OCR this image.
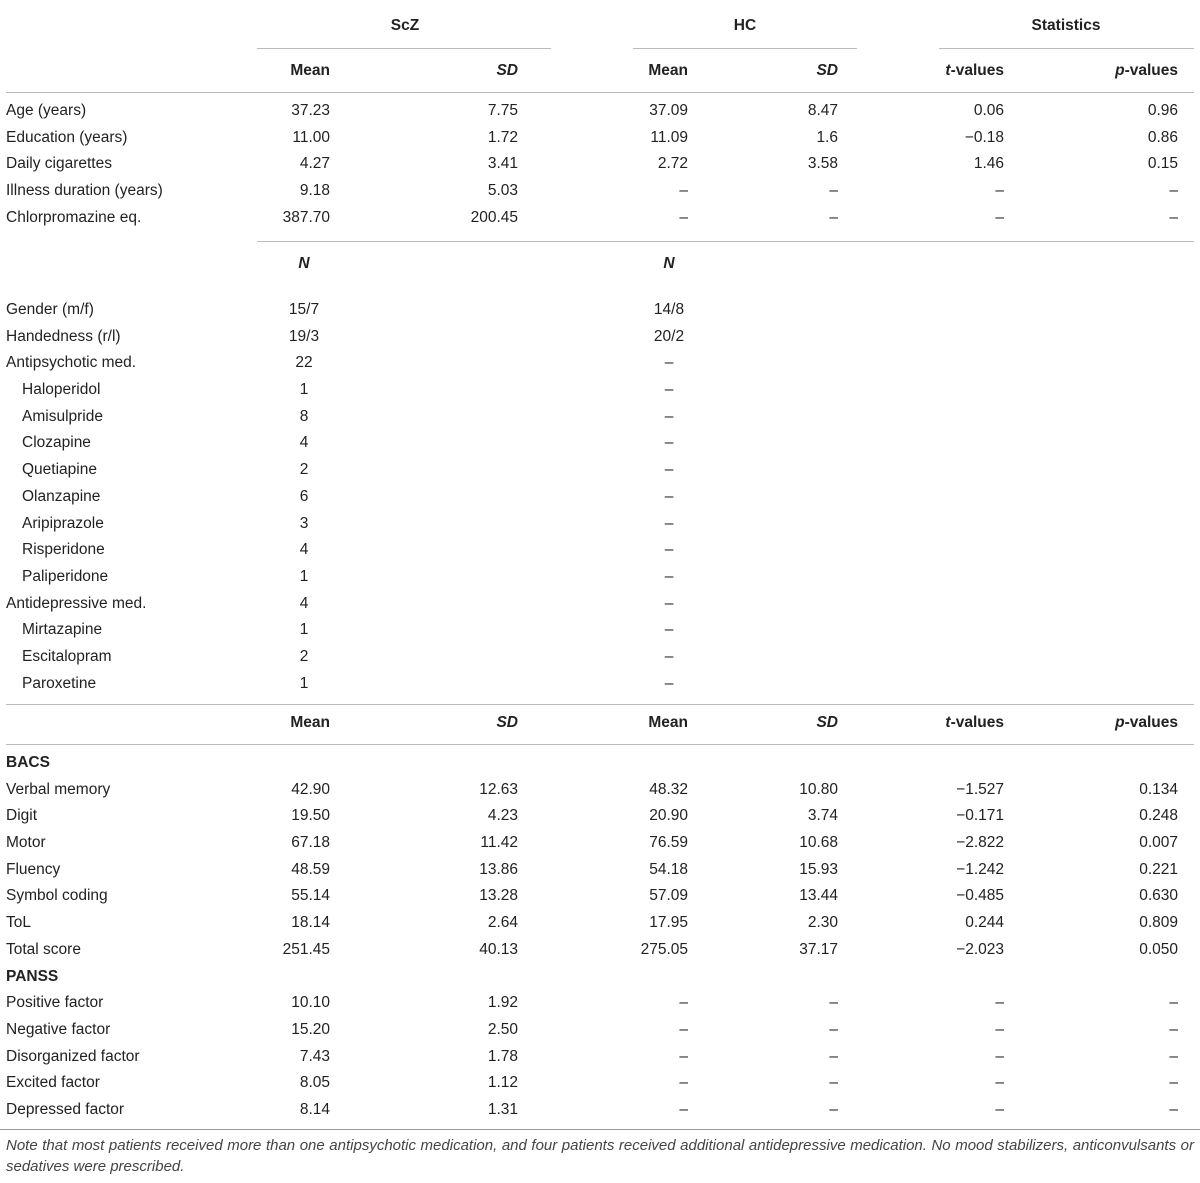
ScZ	HC	Statistics
Mean	SD	Mean	SD	t-values	p-values
Age (years)	37.23	7.75	37.09	8.47	0.06	0.96
Education (years)	11.00	1.72	11.09	1.6	−0.18	0.86
Daily cigarettes	4.27	3.41	2.72	3.58	1.46	0.15
Illness duration (years)	9.18	5.03	–	–	–	–
Chlorpromazine eq.	387.70	200.45	–	–	–	–
N	N
Gender (m/f)	15/7	14/8
Handedness (r/l)	19/3	20/2
Antipsychotic med.	22	–
Haloperidol	1	–
Amisulpride	8	–
Clozapine	4	–
Quetiapine	2	–
Olanzapine	6	–
Aripiprazole	3	–
Risperidone	4	–
Paliperidone	1	–
Antidepressive med.	4	–
Mirtazapine	1	–
Escitalopram	2	–
Paroxetine	1	–
Mean	SD	Mean	SD	t-values	p-values
BACS
Verbal memory	42.90	12.63	48.32	10.80	−1.527	0.134
Digit	19.50	4.23	20.90	3.74	−0.171	0.248
Motor	67.18	11.42	76.59	10.68	−2.822	0.007
Fluency	48.59	13.86	54.18	15.93	−1.242	0.221
Symbol coding	55.14	13.28	57.09	13.44	−0.485	0.630
ToL	18.14	2.64	17.95	2.30	0.244	0.809
Total score	251.45	40.13	275.05	37.17	−2.023	0.050
PANSS
Positive factor	10.10	1.92	–	–	–	–
Negative factor	15.20	2.50	–	–	–	–
Disorganized factor	7.43	1.78	–	–	–	–
Excited factor	8.05	1.12	–	–	–	–
Depressed factor	8.14	1.31	–	–	–	–
Note that most patients received more than one antipsychotic medication, and four patients received additional antidepressive medication. No mood stabilizers, anticonvulsants or sedatives were prescribed.
